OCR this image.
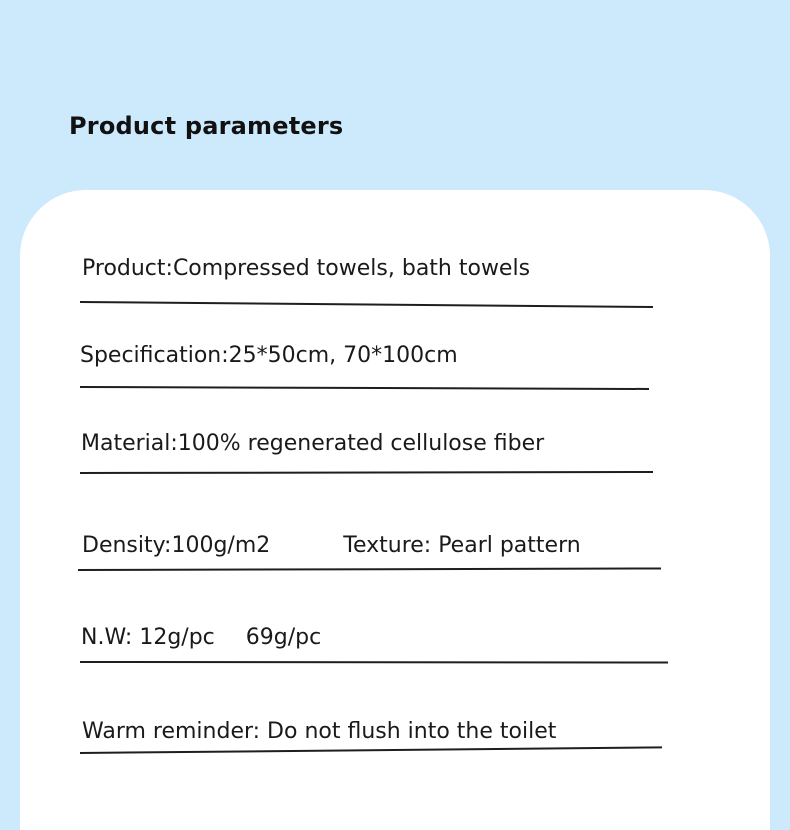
Product parameters
Product:Compressed towels, bath towels
Specification:25*50cm, 70*100cm
Material:100% regenerated cellulose fiber
Density:100g/m2	Texture: Pearl pattern
N.W: 12g/pc 69g/pc
Warm reminder: Do not flush into the toilet
